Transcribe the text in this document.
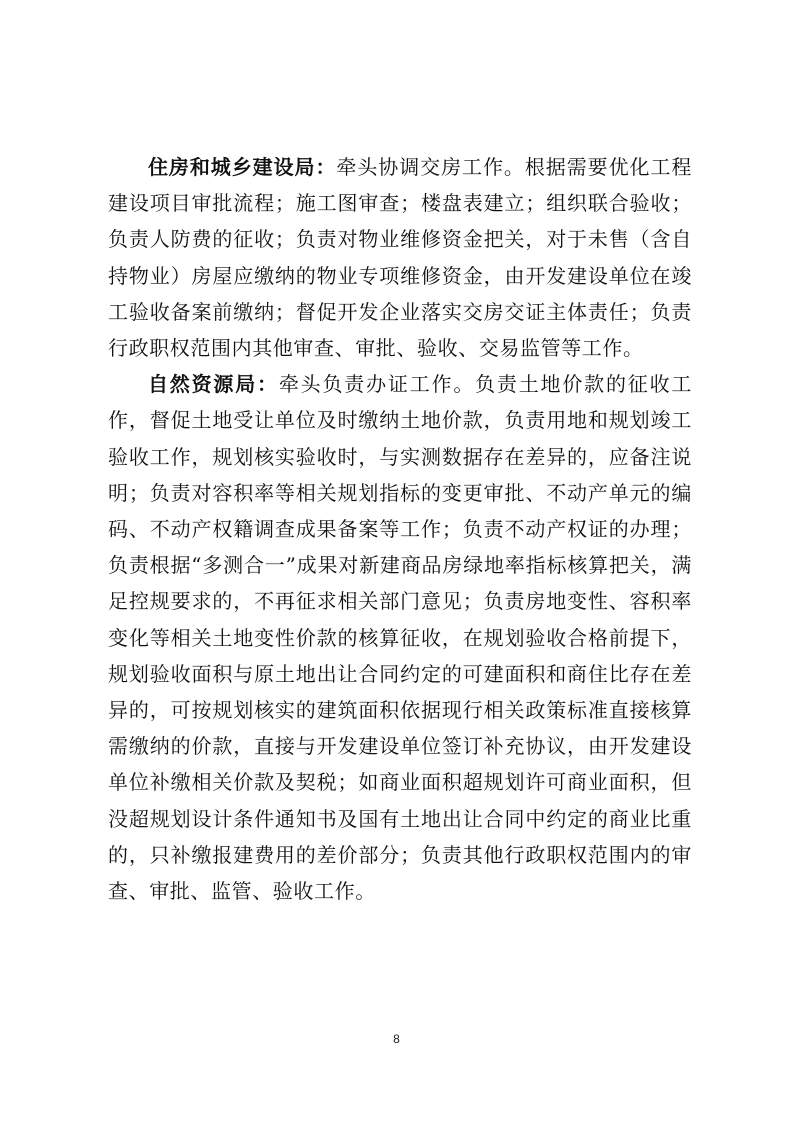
住房和城乡建设局：牵头协调交房工作。根据需要优化工程建设项目审批流程；施工图审查；楼盘表建立；组织联合验收；负责人防费的征收；负责对物业维修资金把关，对于未售（含自持物业）房屋应缴纳的物业专项维修资金，由开发建设单位在竣工验收备案前缴纳；督促开发企业落实交房交证主体责任；负责行政职权范围内其他审查、审批、验收、交易监管等工作。

自然资源局：牵头负责办证工作。负责土地价款的征收工作，督促土地受让单位及时缴纳土地价款，负责用地和规划竣工验收工作，规划核实验收时，与实测数据存在差异的，应备注说明；负责对容积率等相关规划指标的变更审批、不动产单元的编码、不动产权籍调查成果备案等工作；负责不动产权证的办理；负责根据“多测合一”成果对新建商品房绿地率指标核算把关，满足控规要求的，不再征求相关部门意见；负责房地变性、容积率变化等相关土地变性价款的核算征收，在规划验收合格前提下，规划验收面积与原土地出让合同约定的可建面积和商住比存在差异的，可按规划核实的建筑面积依据现行相关政策标准直接核算需缴纳的价款，直接与开发建设单位签订补充协议，由开发建设单位补缴相关价款及契税；如商业面积超规划许可商业面积，但没超规划设计条件通知书及国有土地出让合同中约定的商业比重的，只补缴报建费用的差价部分；负责其他行政职权范围内的审查、审批、监管、验收工作。

8
